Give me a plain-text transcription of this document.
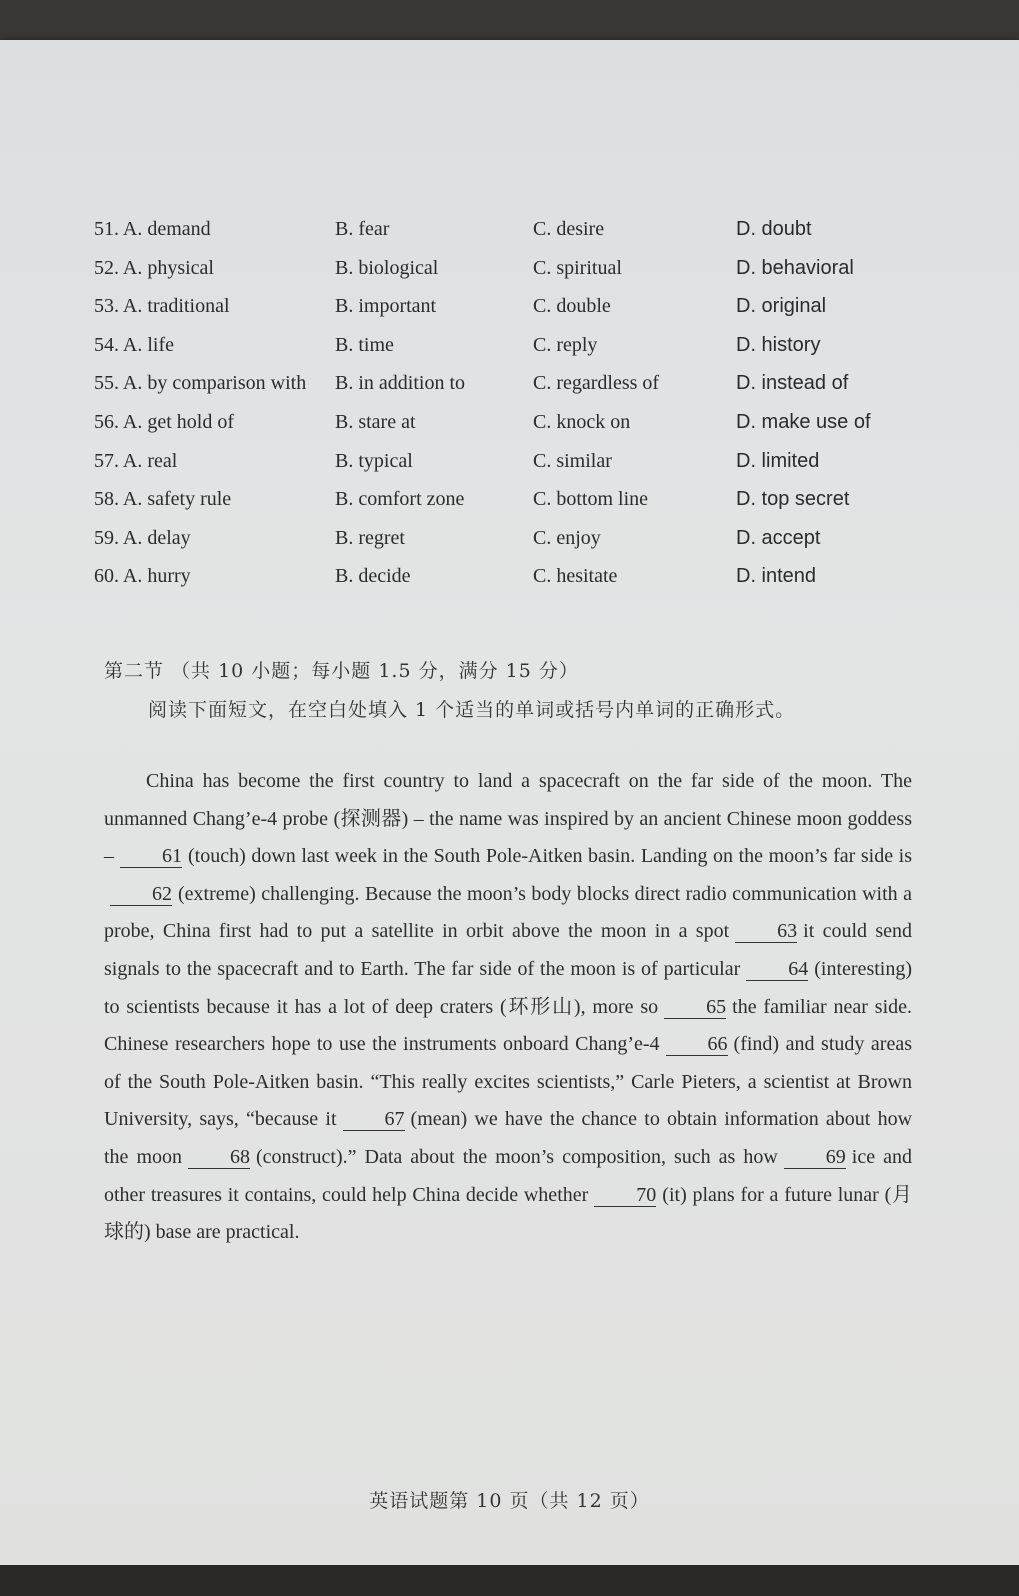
51. A. demand	B. fear	C. desire	D. doubt
52. A. physical	B. biological	C. spiritual	D. behavioral
53. A. traditional	B. important	C. double	D. original
54. A. life	B. time	C. reply	D. history
55. A. by comparison with B. in addition to	C. regardless of	D. instead of
56. A. get hold of	B. stare at	C. knock on	D. make use of
57. A. real	B. typical	C. similar	D. limited
58. A. safety rule	B. comfort zone	C. bottom line	D. top secret
59. A. delay	B. regret	C. enjoy	D. accept
60. A. hurry	B. decide	C. hesitate	D. intend
第二节 （共 10 小题；每小题 1.5 分，满分 15 分）
阅读下面短文，在空白处填入 1 个适当的单词或括号内单词的正确形式。

China has become the first country to land a spacecraft on the far side of the moon. The unmanned Chang’e-4 probe (探测器) – the name was inspired by an ancient Chinese moon goddess – 61 (touch) down last week in the South Pole-Aitken basin. Landing on the moon’s far side is62 (extreme) challenging. Because the moon’s body blocks direct radio communication with a probe, China first had to put a satellite in orbit above the moon in a spot 63 it could send signals to the spacecraft and to Earth. The far side of the moon is of particular 64 (interesting) to scientists because it has a lot of deep craters (环形山), more so 65 the familiar near side. Chinese researchers hope to use the instruments onboard Chang’e-4 66 (find) and study areas of the South Pole-Aitken basin. “This really excites scientists,” Carle Pieters, a scientist at Brown University, says, “because it 67 (mean) we have the chance to obtain information about how the moon 68 (construct).” Data about the moon’s composition, such as how 69 ice and other treasures it contains, could help China decide whether 70 (it) plans for a future lunar (月球的) base are practical.

英语试题第 10 页（共 12 页）
